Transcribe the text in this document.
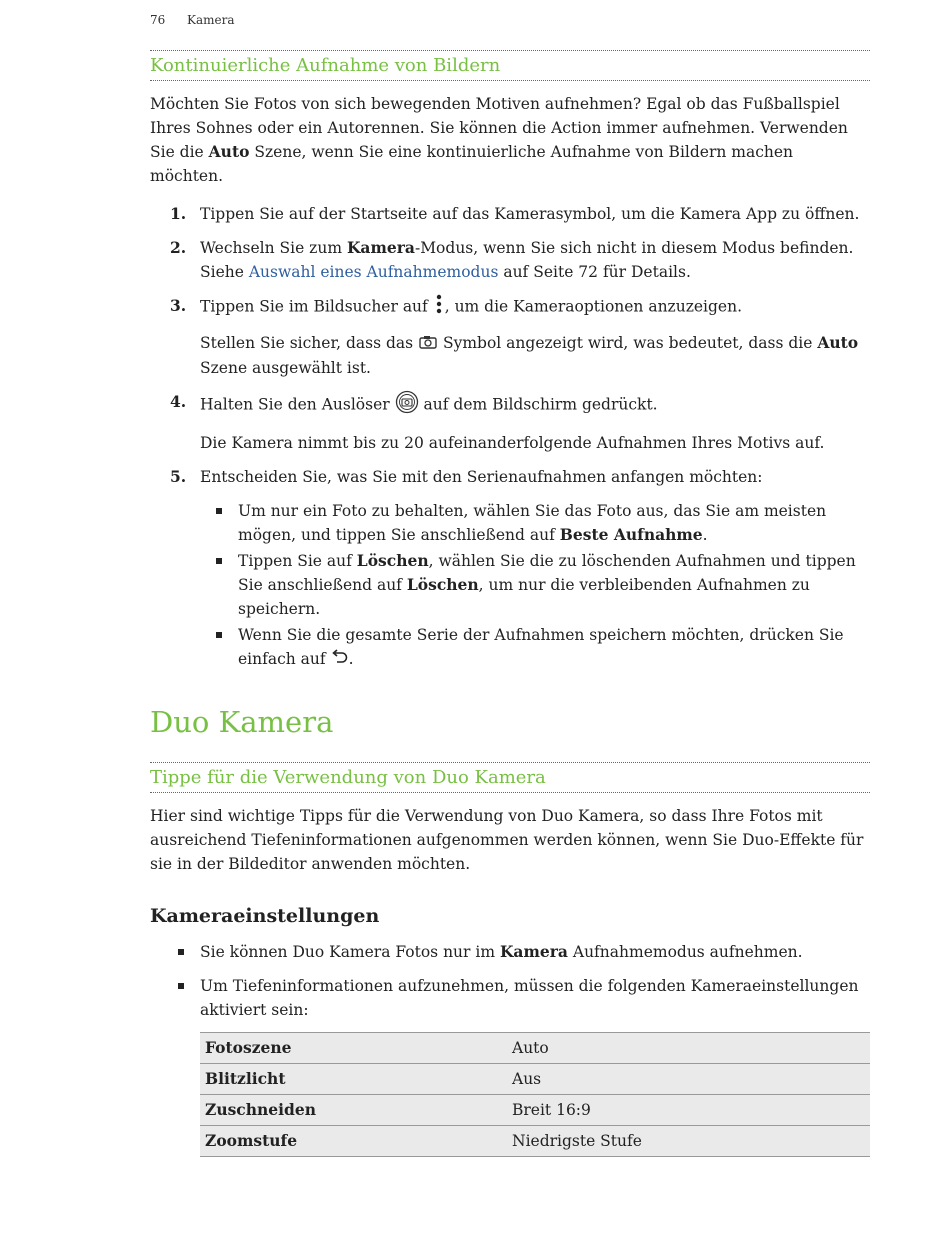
76 Kamera
Kontinuierliche Aufnahme von Bildern

Möchten Sie Fotos von sich bewegenden Motiven aufnehmen? Egal ob das Fußballspiel Ihres Sohnes oder ein Autorennen. Sie können die Action immer aufnehmen. Verwenden Sie die Auto Szene, wenn Sie eine kontinuierliche Aufnahme von Bildern machen möchten.

1. Tippen Sie auf der Startseite auf das Kamerasymbol, um die Kamera App zu öffnen.
2. Wechseln Sie zum Kamera-Modus, wenn Sie sich nicht in diesem Modus befinden. Siehe Auswahl eines Aufnahmemodus auf Seite 72 für Details.
3. Tippen Sie im Bildsucher auf , um die Kameraoptionen anzuzeigen.

Stellen Sie sicher, dass das  Symbol angezeigt wird, was bedeutet, dass die Auto Szene ausgewählt ist.

4. Halten Sie den Auslöser  auf dem Bildschirm gedrückt.

Die Kamera nimmt bis zu 20 aufeinanderfolgende Aufnahmen Ihres Motivs auf.

5. Entscheiden Sie, was Sie mit den Serienaufnahmen anfangen möchten:
Um nur ein Foto zu behalten, wählen Sie das Foto aus, das Sie am meisten mögen, und tippen Sie anschließend auf Beste Aufnahme.
Tippen Sie auf Löschen, wählen Sie die zu löschenden Aufnahmen und tippen Sie anschließend auf Löschen, um nur die verbleibenden Aufnahmen zu speichern.
Wenn Sie die gesamte Serie der Aufnahmen speichern möchten, drücken Sie einfach auf .
Duo Kamera
Tippe für die Verwendung von Duo Kamera

Hier sind wichtige Tipps für die Verwendung von Duo Kamera, so dass Ihre Fotos mit ausreichend Tiefeninformationen aufgenommen werden können, wenn Sie Duo-Effekte für sie in der Bildeditor anwenden möchten.

Kameraeinstellungen
Sie können Duo Kamera Fotos nur im Kamera Aufnahmemodus aufnehmen.
Um Tiefeninformationen aufzunehmen, müssen die folgenden Kameraeinstellungen aktiviert sein:
Fotoszene	Auto
Blitzlicht	Aus
Zuschneiden	Breit 16:9
Zoomstufe	Niedrigste Stufe
